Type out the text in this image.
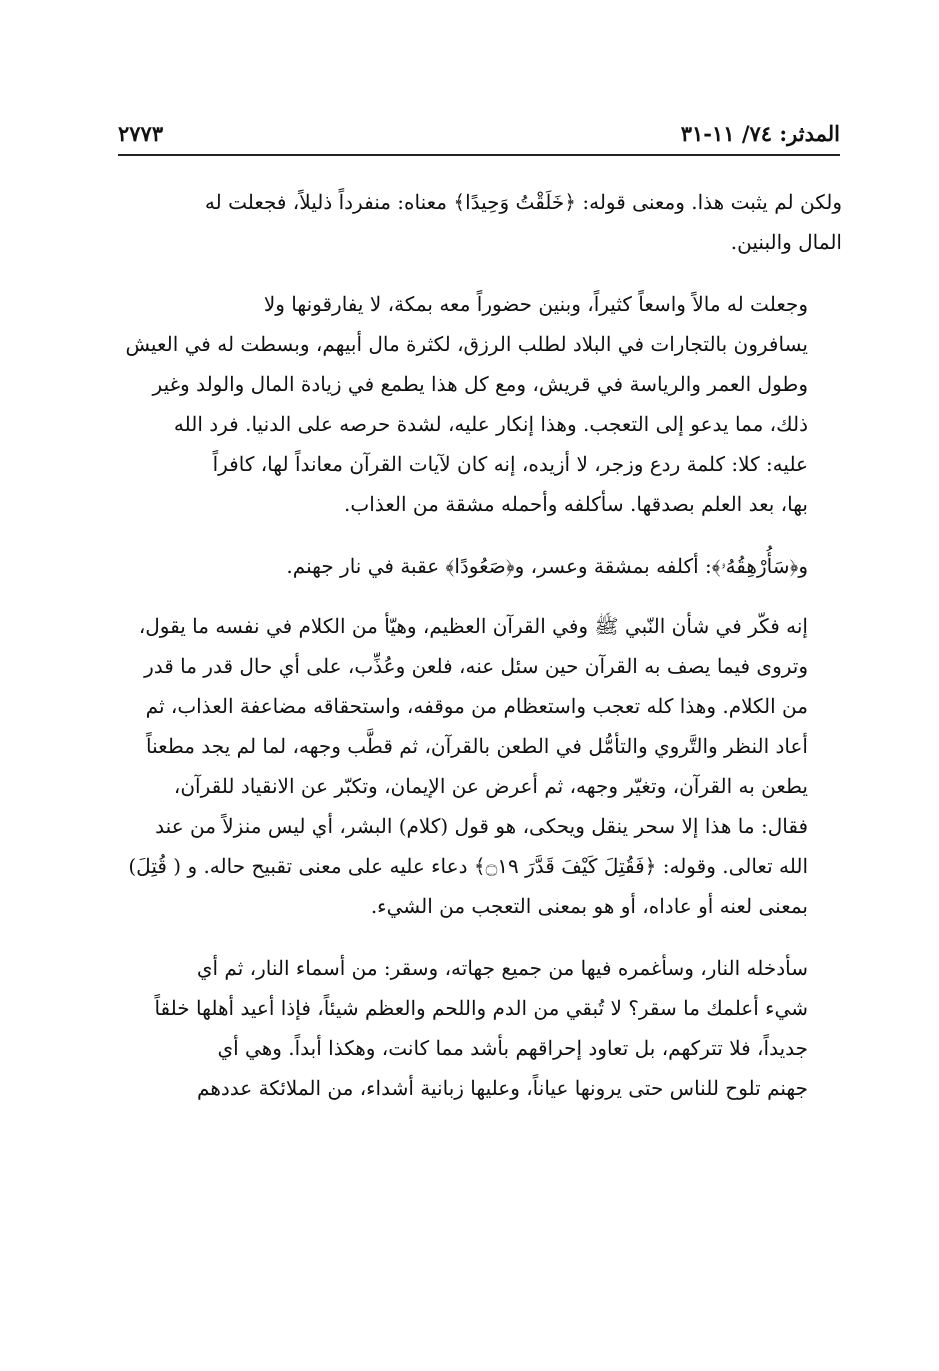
المدثر: ٧٤/ ١١-٣١
٢٧٧٣

ولكن لم يثبت هذا. ومعنى قوله: ﴿خَلَقْتُ وَحِيدًا﴾ معناه: منفرداً ذليلاً، فجعلت له
المال والبنين.

وجعلت له مالاً واسعاً كثيراً، وبنين حضوراً معه بمكة، لا يفارقونها ولا
يسافرون بالتجارات في البلاد لطلب الرزق، لكثرة مال أبيهم، وبسطت له في العيش
وطول العمر والرياسة في قريش، ومع كل هذا يطمع في زيادة المال والولد وغير
ذلك، مما يدعو إلى التعجب. وهذا إنكار عليه، لشدة حرصه على الدنيا. فرد الله
عليه: كلا: كلمة ردع وزجر، لا أزيده، إنه كان لآيات القرآن معانداً لها، كافراً
بها، بعد العلم بصدقها. سأكلفه وأحمله مشقة من العذاب.

و﴿سَأُرْهِقُهُۥ﴾: أكلفه بمشقة وعسر، و﴿صَعُودًا﴾ عقبة في نار جهنم.

إنه فكّر في شأن النّبي ﷺ وفي القرآن العظيم، وهيّأ من الكلام في نفسه ما يقول،
وتروى فيما يصف به القرآن حين سئل عنه، فلعن وعُذِّب، على أي حال قدر ما قدر
من الكلام. وهذا كله تعجب واستعظام من موقفه، واستحقاقه مضاعفة العذاب، ثم
أعاد النظر والتَّروي والتأمُّل في الطعن بالقرآن، ثم قطَّب وجهه، لما لم يجد مطعناً
يطعن به القرآن، وتغيّر وجهه، ثم أعرض عن الإيمان، وتكبّر عن الانقياد للقرآن،
فقال: ما هذا إلا سحر ينقل ويحكى، هو قول (كلام) البشر، أي ليس منزلاً من عند
الله تعالى. وقوله: ﴿فَقُتِلَ كَيْفَ قَدَّرَ ۝١٩﴾ دعاء عليه على معنى تقبيح حاله. و ( قُتِلَ)
بمعنى لعنه أو عاداه، أو هو بمعنى التعجب من الشيء.

سأدخله النار، وسأغمره فيها من جميع جهاته، وسقر: من أسماء النار، ثم أي
شيء أعلمك ما سقر؟ لا تُبقي من الدم واللحم والعظم شيئاً، فإذا أعيد أهلها خلقاً
جديداً، فلا تتركهم، بل تعاود إحراقهم بأشد مما كانت، وهكذا أبداً. وهي أي
جهنم تلوح للناس حتى يرونها عياناً، وعليها زبانية أشداء، من الملائكة عددهم
